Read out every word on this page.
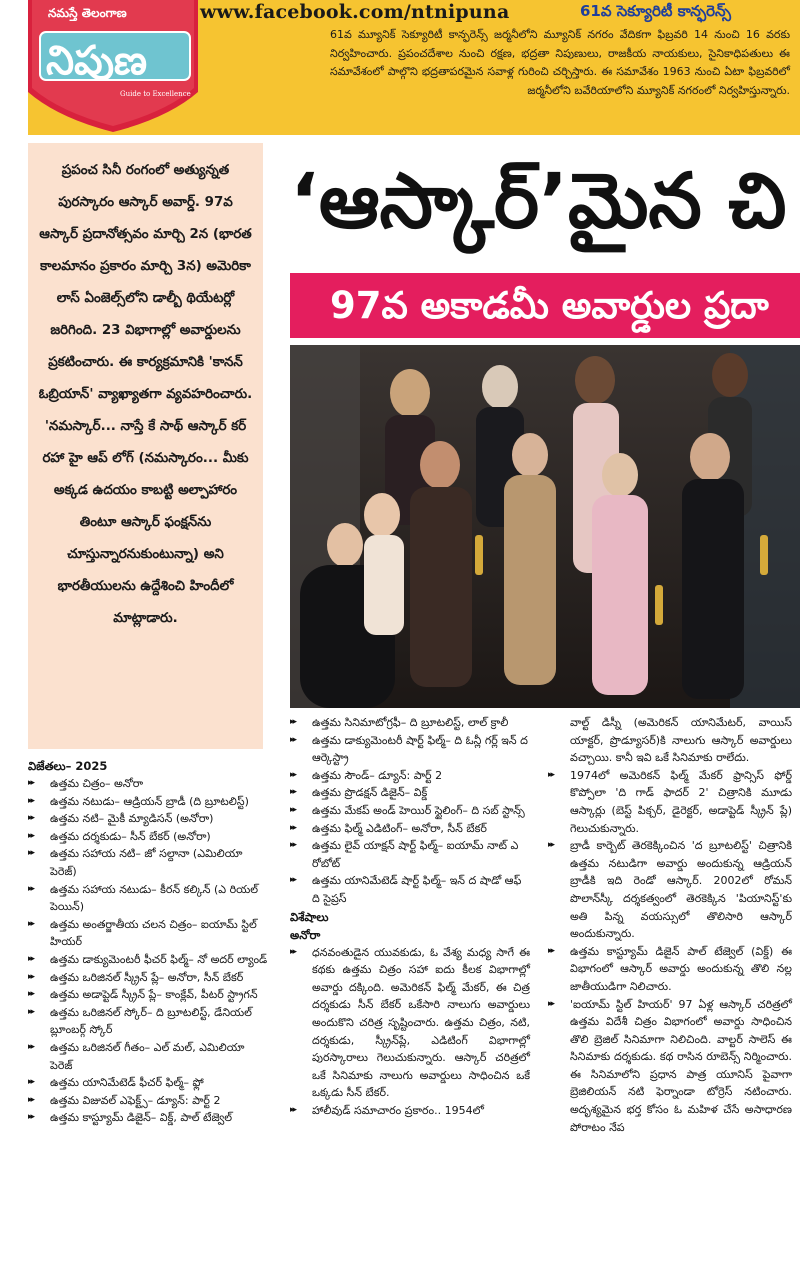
నమస్తే తెలంగాణ
నిపుణ
Guide to Excellence
www.facebook.com/ntnipuna	61వ సెక్యూరిటీ కాన్ఫరెన్స్
61వ మ్యూనిక్ సెక్యూరిటీ కాన్ఫరెన్స్ జర్మనీలోని మ్యూనిక్ నగరం వేదికగా ఫిబ్రవరి 14 నుంచి 16 వరకు నిర్వహించారు. ప్రపంచదేశాల నుంచి రక్షణ, భద్రతా నిపుణులు, రాజకీయ నాయకులు, సైనికాధిపతులు ఈ సమావేశంలో పాల్గొని భద్రతాపరమైన సవాళ్ల గురించి చర్చిస్తారు. ఈ సమావేశం 1963 నుంచి ఏటా ఫిబ్రవరిలో జర్మనీలోని బవేరియాలోని మ్యూనిక్ నగరంలో నిర్వహిస్తున్నారు.

ప్రపంచ సినీ రంగంలో అత్యున్నత పురస్కారం ఆస్కార్ అవార్డ్. 97వ ఆస్కార్ ప్రదానోత్సవం మార్చి 2న (భారత కాలమానం ప్రకారం మార్చి 3న) అమెరికా లాస్ ఏంజెల్స్‌లోని డాల్బీ థియేటర్లో జరిగింది. 23 విభాగాల్లో అవార్డులను ప్రకటించారు. ఈ కార్యక్రమానికి 'కానన్ ఓబ్రియాన్' వ్యాఖ్యాతగా వ్యవహరించారు. 'నమస్కార్... నాస్తే కే సాథ్ ఆస్కార్ కర్ రహా హై ఆప్ లోగ్ (నమస్కారం... మీకు అక్కడ ఉదయం కాబట్టి అల్పాహారం తింటూ ఆస్కార్ ఫంక్షన్‌ను చూస్తున్నారనుకుంటున్నా) అని భారతీయులను ఉద్దేశించి హిందీలో మాట్లాడారు.

‘ఆస్కార్’మైన చి
97వ అకాడమీ అవార్డుల ప్రదా
విజేతలు– 2025
▸▸ ఉత్తమ చిత్రం– అనోరా
▸▸ ఉత్తమ నటుడు– ఆడ్రియన్ బ్రాడీ (ది బ్రూటలిస్ట్)
▸▸ ఉత్తమ నటి– మైకీ మ్యాడిసన్ (అనోరా)
▸▸ ఉత్తమ దర్శకుడు– సీన్ బేకర్ (అనోరా)
▸▸ ఉత్తమ సహాయ నటి– జో సల్దానా (ఎమిలియా పెరెజ్)
▸▸ ఉత్తమ సహాయ నటుడు– కీరన్ కల్కిన్ (ఎ రియల్ పెయిన్)
▸▸ ఉత్తమ అంతర్జాతీయ చలన చిత్రం– ఐయామ్ స్టిల్ హియర్
▸▸ ఉత్తమ డాక్యుమెంటరీ ఫీచర్ ఫిల్మ్– నో అదర్ ల్యాండ్
▸▸ ఉత్తమ ఒరిజినల్ స్క్రీన్ ప్లే– అనోరా, సీన్ బేకర్
▸▸ ఉత్తమ అడాప్టెడ్ స్క్రీన్ ప్లే– కాంక్లేవ్, పీటర్ స్ట్రాగన్
▸▸ ఉత్తమ ఒరిజినల్ స్కోర్– ది బ్రూటలిస్ట్, డేనియల్ బ్లూంబర్గ్ స్కోర్
▸▸ ఉత్తమ ఒరిజినల్ గీతం– ఎల్ మల్, ఎమిలియా పెరెజ్
▸▸ ఉత్తమ యానిమేటెడ్ ఫీచర్ ఫిల్మ్– ఫ్లో
▸▸ ఉత్తమ విజువల్ ఎఫెక్ట్స్– డ్యూన్: పార్ట్ 2
▸▸ ఉత్తమ కాస్ట్యూమ్ డిజైన్– విక్డ్, పాల్ టేజ్వెల్
▸▸ ఉత్తమ సినిమాటోగ్రఫీ– ది బ్రూటలిస్ట్, లాల్ క్రాలీ
▸▸ ఉత్తమ డాక్యుమెంటరీ షార్ట్ ఫిల్మ్– ది ఓన్లీ గర్ల్ ఇన్ ద ఆర్కెస్ట్రా
▸▸ ఉత్తమ సౌండ్– డ్యూన్: పార్ట్ 2
▸▸ ఉత్తమ ప్రొడక్షన్ డిజైన్– విక్డ్
▸▸ ఉత్తమ మేకప్ అండ్ హెయిర్ స్టైలింగ్– ది సబ్ స్టాన్స్
▸▸ ఉత్తమ ఫిల్మ్ ఎడిటింగ్– అనోరా, సీన్ బేకర్
▸▸ ఉత్తమ లైవ్ యాక్షన్ షార్ట్ ఫిల్మ్– ఐయామ్ నాట్ ఎ రోబోట్
▸▸ ఉత్తమ యానిమేటెడ్ షార్ట్ ఫిల్మ్– ఇన్ ద షాడో ఆఫ్ ది సైప్రస్
విశేషాలు
అనోరా
▸▸ ధనవంతుడైన యువకుడు, ఓ వేశ్య మధ్య సాగే ఈ కథకు ఉత్తమ చిత్రం సహా ఐదు కీలక విభాగాల్లో అవార్డు దక్కింది. అమెరికన్ ఫిల్మ్ మేకర్, ఈ చిత్ర దర్శకుడు సీన్ బేకర్ ఒకేసారి నాలుగు అవార్డులు అందుకొని చరిత్ర సృష్టించారు. ఉత్తమ చిత్రం, నటి, దర్శకుడు, స్క్రీన్‌ప్లే, ఎడిటింగ్ విభాగాల్లో పురస్కారాలు గెలుచుకున్నారు. ఆస్కార్ చరిత్రలో ఒకే సినిమాకు నాలుగు అవార్డులు సాధించిన ఒకే ఒక్కడు సీన్ బేకర్.
▸▸ హాలీవుడ్ సమాచారం ప్రకారం.. 1954లో
వాల్ట్ డిస్నీ (అమెరికన్ యానిమేటర్, వాయిస్ యాక్టర్, ప్రొడ్యూసర్)కి నాలుగు ఆస్కార్ అవార్డులు వచ్చాయి. కానీ ఇవి ఒకే సినిమాకు రాలేదు.
▸▸ 1974లో అమెరికన్ ఫిల్మ్ మేకర్ ఫ్రాన్సిస్ ఫోర్డ్ కొప్పోలా 'ది గాడ్ ఫాదర్ 2' చిత్రానికి మూడు ఆస్కార్లు (బెస్ట్ పిక్చర్, డైరెక్టర్, అడాప్టెడ్ స్క్రీన్ ప్లే) గెలుచుకున్నారు.
▸▸ బ్రాడీ కార్బెట్ తెరకెక్కించిన 'ద బ్రూటలిస్ట్' చిత్రానికి ఉత్తమ నటుడిగా అవార్డు అందుకున్న ఆడ్రియన్ బ్రాడీకి ఇది రెండో ఆస్కార్. 2002లో రోమన్ పొలాన్‌స్కీ దర్శకత్వంలో తెరకెక్కిన 'పియానిస్ట్'కు అతి పిన్న వయస్సులో తొలిసారి ఆస్కార్ అందుకున్నారు.
▸▸ ఉత్తమ కాస్ట్యూమ్ డిజైన్ పాల్ టేజ్వెల్ (విక్డ్) ఈ విభాగంలో ఆస్కార్ అవార్డు అందుకున్న తొలి నల్ల జాతీయుడిగా నిలిచారు.
▸▸ 'ఐయామ్ స్టిల్ హియర్' 97 ఏళ్ల ఆస్కార్ చరిత్రలో ఉత్తమ విదేశీ చిత్రం విభాగంలో అవార్డు సాధించిన తొలి బ్రెజిల్ సినిమాగా నిలిచింది. వాల్టర్ సాలెస్ ఈ సినిమాకు దర్శకుడు. కథ రాసిన రూబెన్స్ నిర్మించారు. ఈ సినిమాలోని ప్రధాన పాత్ర యూనిస్ పైవాగా బ్రెజిలియన్ నటి ఫెర్నాండా టోర్రెస్ నటించారు. అదృశ్యమైన భర్త కోసం ఓ మహిళ చేసే అసాధారణ పోరాటం నేప
